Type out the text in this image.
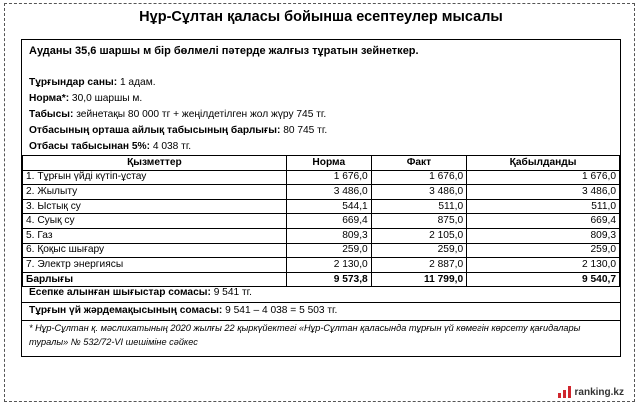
Нұр-Сұлтан қаласы бойынша есептеулер мысалы
Ауданы 35,6 шаршы м бір бөлмелі пәтерде жалғыз тұратын зейнеткер.
Тұрғындар саны: 1 адам.
Норма*: 30,0 шаршы м.
Табысы: зейнетақы 80 000 тг + жеңілдетілген жол жүру 745 тг.
Отбасының орташа айлық табысының барлығы: 80 745 тг.
Отбасы табысынан 5%: 4 038 тг.
Қызметтер	Норма	Факт	Қабылданды
1. Тұрғын үйді күтіп-ұстау	1 676,0	1 676,0	1 676,0
2. Жылыту	3 486,0	3 486,0	3 486,0
3. Ыстық су	544,1	511,0	511,0
4. Суық су	669,4	875,0	669,4
5. Газ	809,3	2 105,0	809,3
6. Қоқыс шығару	259,0	259,0	259,0
7. Электр энергиясы	2 130,0	2 887,0	2 130,0
Барлығы	9 573,8	11 799,0	9 540,7
Есепке алынған шығыстар сомасы: 9 541 тг.
Тұрғын үй жәрдемақысының сомасы: 9 541 – 4 038 = 5 503 тг.
* Нұр-Сұлтан қ. мәслихатының 2020 жылғы 22 қыркүйектегі «Нұр-Сұлтан қаласында тұрғын үй көмегін көрсету қағидалары туралы» № 532/72-VI шешіміне сәйкес
ranking.kz
